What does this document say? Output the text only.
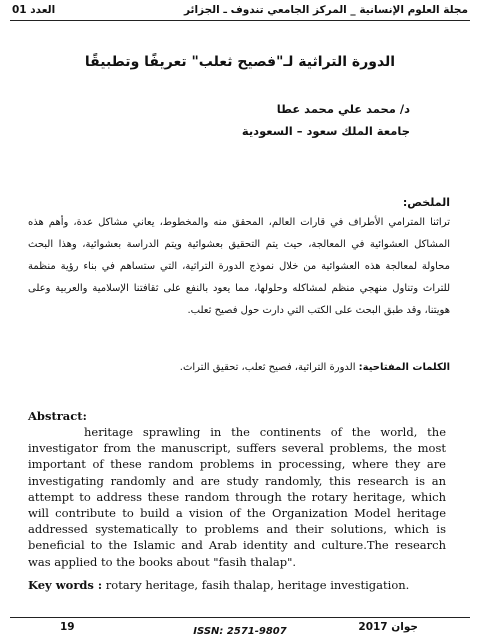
مجلة العلوم الإنسانية _ المركز الجامعي تندوف ـ الجزائر
العدد 01
الدورة التراثية لـ"فصيح ثعلب" تعريفًا وتطبيقًا
د/ محمد علي محمد عطا
جامعة الملك سعود – السعودية
الملخص:
تراثنا المترامي الأطراف في قارات العالم، المحقق منه والمخطوط، يعاني مشاكل عدة، وأهم هذه المشاكل العشوائية في المعالجة، حيث يتم التحقيق بعشوائية ويتم الدراسة بعشوائية، وهذا البحث محاولة لمعالجة هذه العشوائية من خلال نموذج الدورة التراثية، التي ستساهم في بناء رؤية منظمة للتراث وتناول منهجي منظم لمشاكله وحلولها، مما يعود بالنفع على ثقافتنا الإسلامية والعربية وعلى هويتنا، وقد طبق البحث على الكتب التي دارت حول فصيح ثعلب.
الكلمات المفتاحية: الدورة التراثية، فصيح ثعلب، تحقيق التراث.
Abstract:
heritage sprawling in the continents of the world, the investigator from the manuscript, suffers several problems, the most important of these random problems in processing, where they are investigating randomly and are study randomly, this research is an attempt to address these random through the rotary heritage, which will contribute to build a vision of the Organization Model heritage addressed systematically to problems and their solutions, which is beneficial to the Islamic and Arab identity and culture.The research was applied to the books about "fasih thalap".
Key words : rotary heritage, fasih thalap, heritage investigation.
19	جوان 2017
ISSN: 2571-9807
